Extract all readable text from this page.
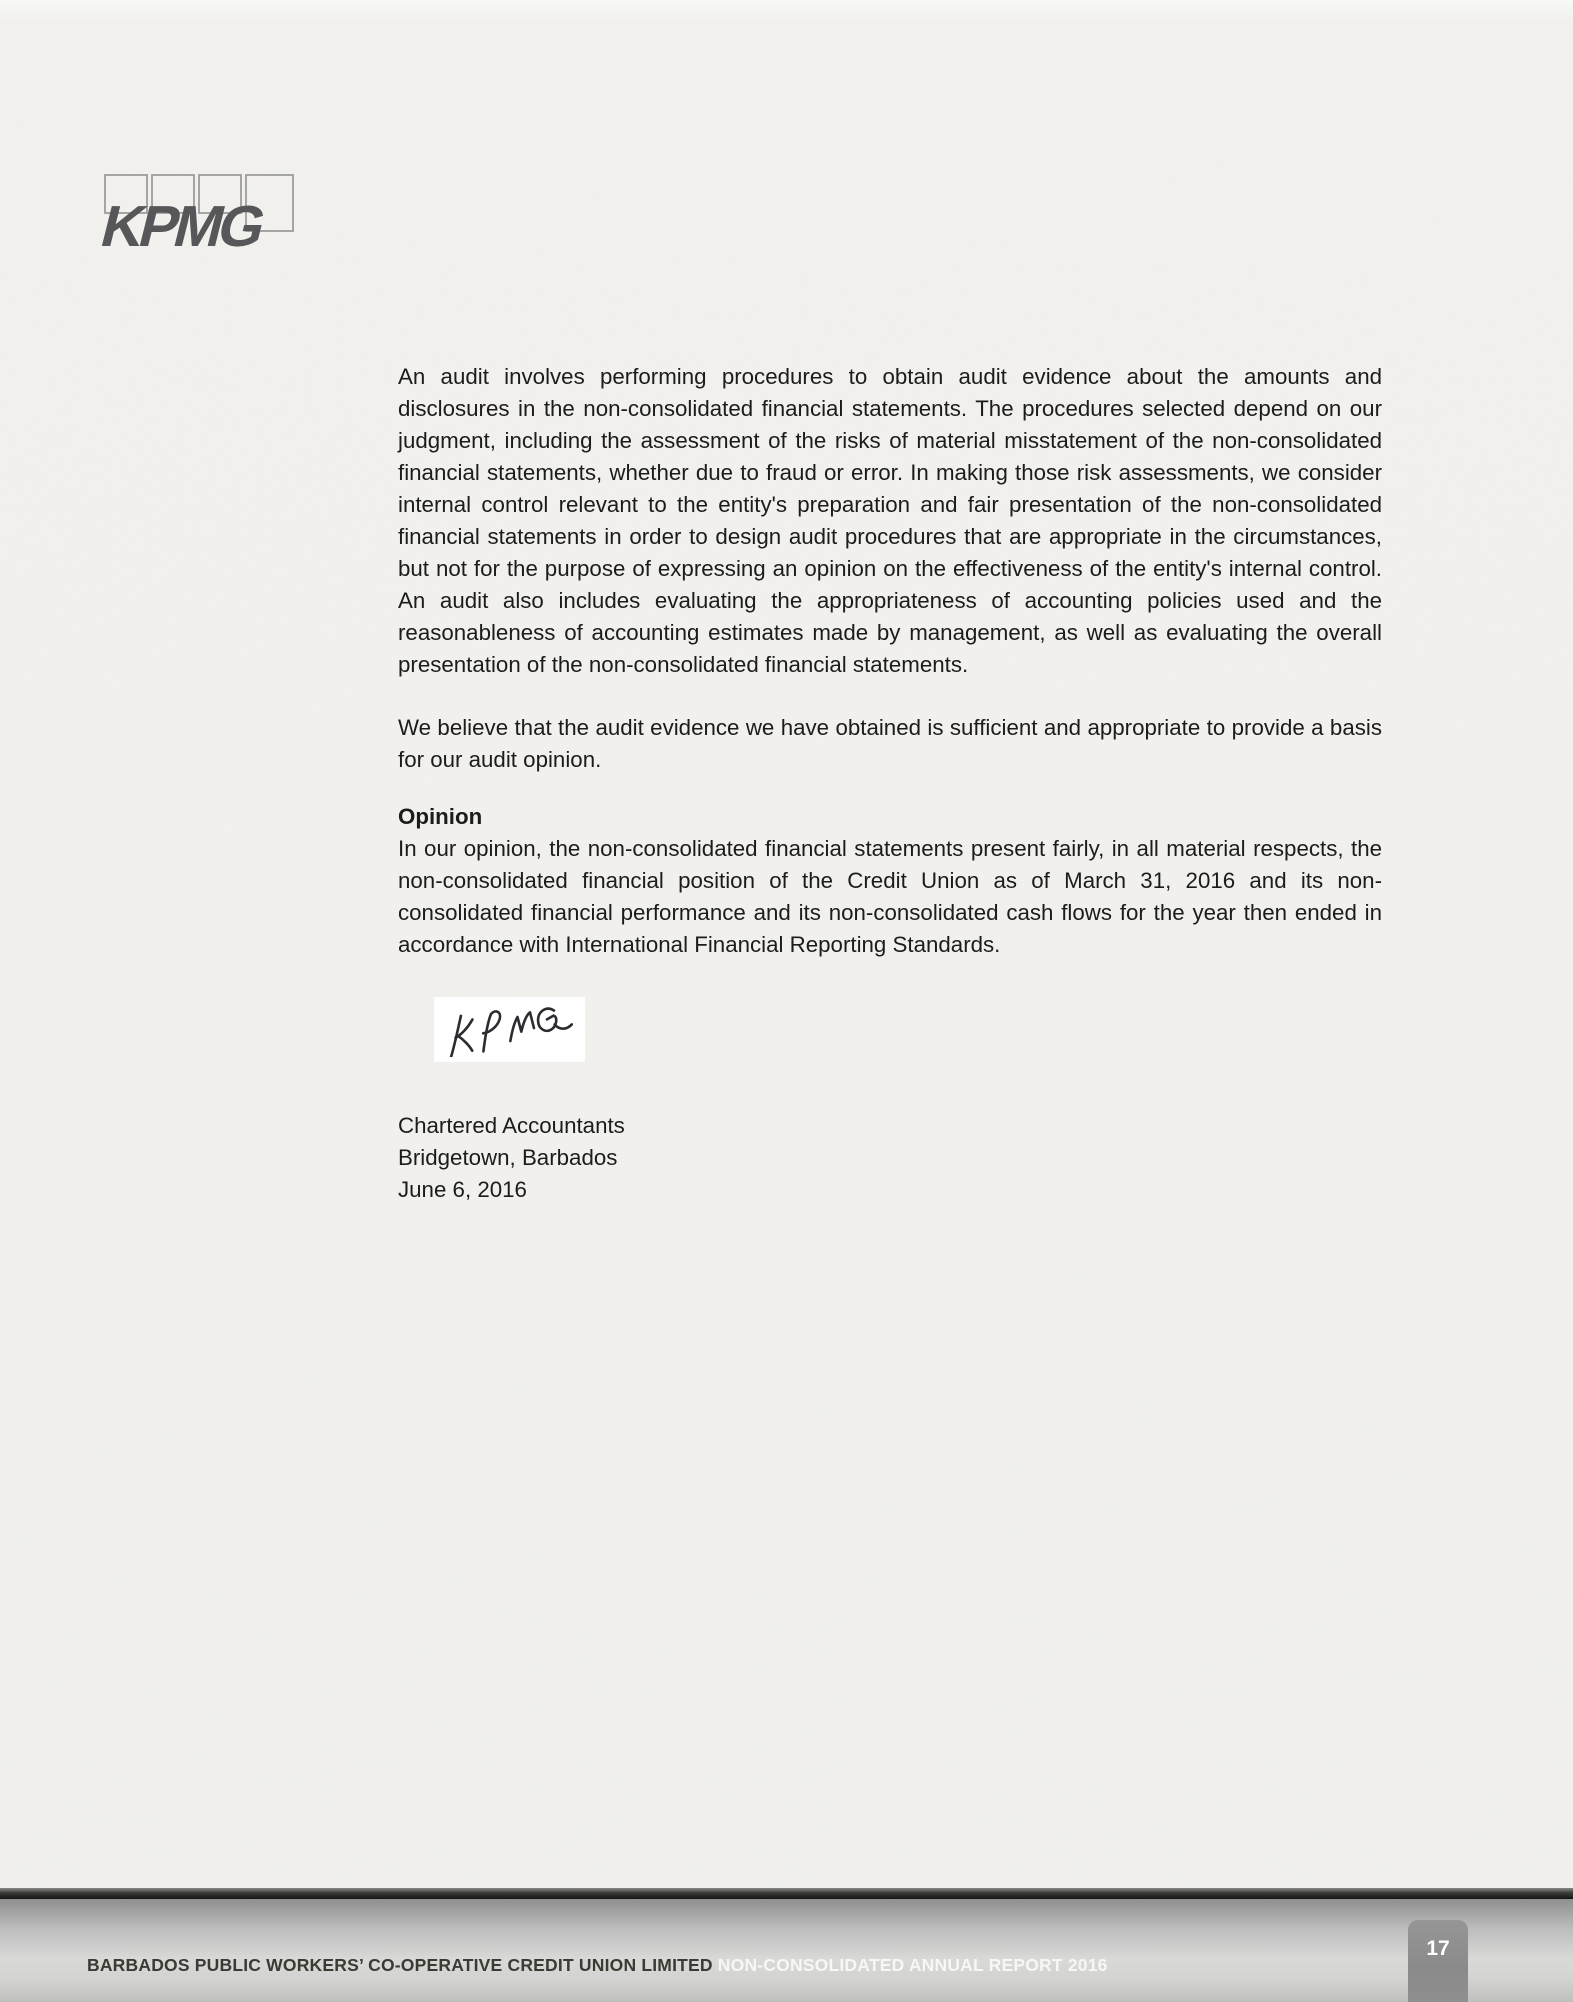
KPMG

An audit involves performing procedures to obtain audit evidence about the amounts and disclosures in the non-consolidated financial statements. The procedures selected depend on our judgment, including the assessment of the risks of material misstatement of the non-consolidated financial statements, whether due to fraud or error. In making those risk assessments, we consider internal control relevant to the entity's preparation and fair presentation of the non-consolidated financial statements in order to design audit procedures that are appropriate in the circumstances, but not for the purpose of expressing an opinion on the effectiveness of the entity's internal control. An audit also includes evaluating the appropriateness of accounting policies used and the reasonableness of accounting estimates made by management, as well as evaluating the overall presentation of the non-consolidated financial statements.

We believe that the audit evidence we have obtained is sufficient and appropriate to provide a basis for our audit opinion.

Opinion

In our opinion, the non-consolidated financial statements present fairly, in all material respects, the non-consolidated financial position of the Credit Union as of March 31, 2016 and its non-consolidated financial performance and its non-consolidated cash flows for the year then ended in accordance with International Financial Reporting Standards.

Chartered Accountants
Bridgetown, Barbados
June 6, 2016
BARBADOS PUBLIC WORKERS’ CO-OPERATIVE CREDIT UNION LIMITED NON-CONSOLIDATED ANNUAL REPORT 2016
17
